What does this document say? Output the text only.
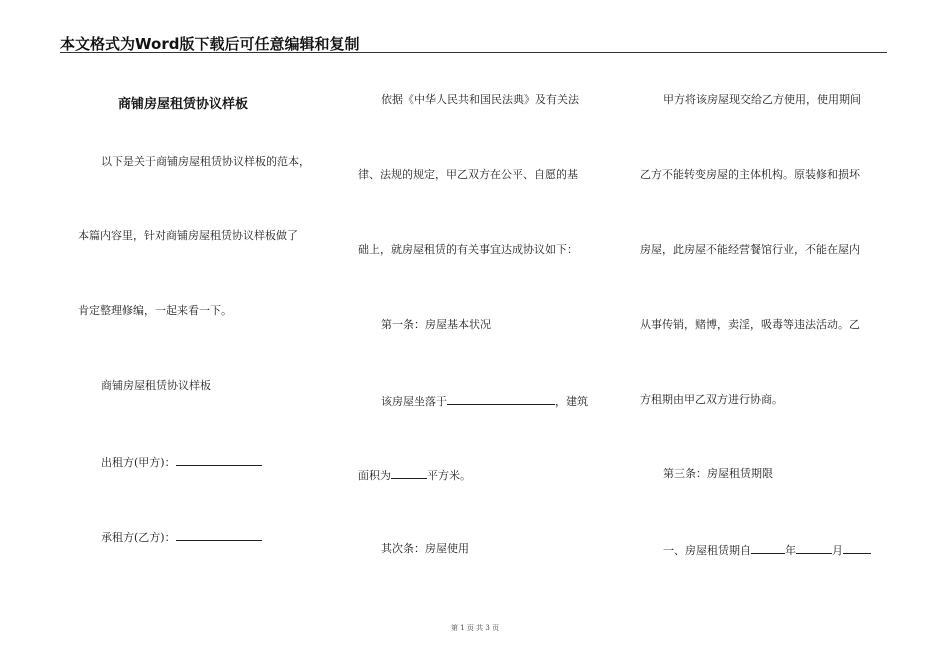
本文格式为Word版下载后可任意编辑和复制
商铺房屋租赁协议样板
以下是关于商铺房屋租赁协议样板的范本，
本篇内容里，针对商铺房屋租赁协议样板做了
肯定整理修编，一起来看一下。
商铺房屋租赁协议样板
出租方(甲方)：
承租方(乙方)：
依据《中华人民共和国民法典》及有关法
律、法规的规定，甲乙双方在公平、自愿的基
础上，就房屋租赁的有关事宜达成协议如下：
第一条：房屋基本状况
该房屋坐落于	，建筑
面积为	平方米。
其次条：房屋使用
甲方将该房屋现交给乙方使用，使用期间
乙方不能转变房屋的主体机构。原装修和损坏
房屋，此房屋不能经营餐馆行业，不能在屋内
从事传销，赌博，卖淫，吸毒等违法活动。乙
方租期由甲乙双方进行协商。
第三条：房屋租赁期限
一、房屋租赁期自	年	月
第 1 页 共 3 页
